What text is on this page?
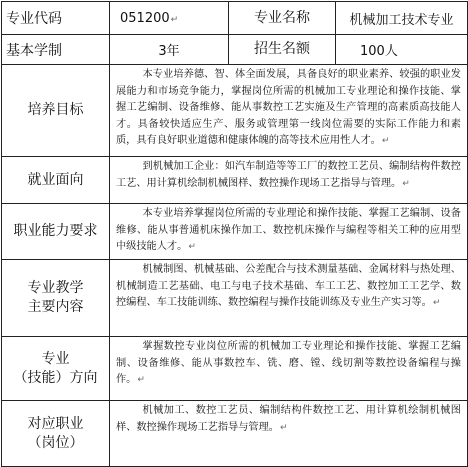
专业代码	051200↵	专业名称	机械加工技术专业
基本学制	3年	招生名额	100人
培养目标	本专业培养德、智、体全面发展，具备良好的职业素养、较强的职业发展能力和市场竞争能力，掌握岗位所需的机械加工专业理论和操作技能、掌握工艺编制、设备维修、能从事数控工艺实施及生产管理的高素质高技能人才。具备较快适应生产、服务或管理第一线岗位需要的实际工作能力和素质，具有良好职业道德和健康体魄的高等技术应用性人才。↵		
就业面向	到机械加工企业：如汽车制造等等工厂的数控工艺员、编制结构件数控工艺、用计算机绘制机械图样、数控操作现场工艺指导与管理。↵		
职业能力要求	本专业培养掌握岗位所需的专业理论和操作技能、掌握工艺编制、设备维修、能从事普通机床操作加工、数控机床操作与编程等相关工种的应用型中级技能人才。↵		
专业教学
主要内容	机械制图、机械基础、公差配合与技术测量基础、金属材料与热处理、机械制造工艺基础、电工与电子技术基础、车工工艺、数控加工工艺学、数控编程、车工技能训练、数控编程与操作技能训练及专业生产实习等。↵		
专业
（技能）方向	掌握数控专业岗位所需的机械加工专业理论和操作技能、掌握工艺编制、设备维修、能从事数控车、铣、磨、镗、线切割等数控设备编程与操作。↵		
对应职业
（岗位）	机械加工、数控工艺员、编制结构件数控工艺、用计算机绘制机械图样、数控操作现场工艺指导与管理。↵		
